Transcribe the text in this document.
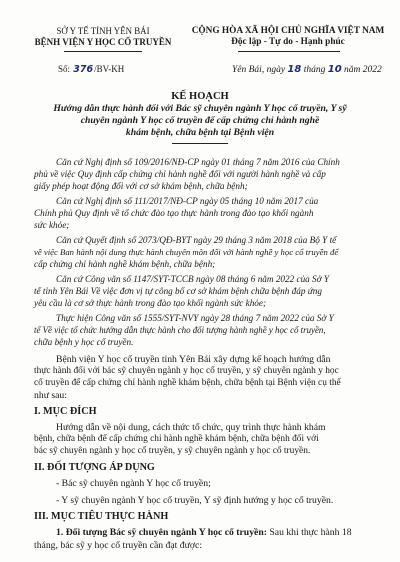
SỞ Y TẾ TỈNH YÊN BÁI
BỆNH VIỆN Y HỌC CỔ TRUYỀN
Số: 376/BV-KH
CỘNG HÒA XÃ HỘI CHỦ NGHĨA VIỆT NAM
Độc lập - Tự do - Hạnh phúc
Yên Bái, ngày 18 tháng 10 năm 2022
KẾ HOẠCH
Hướng dẫn thực hành đối với Bác sỹ chuyên ngành Y học cổ truyền, Y sỹ
chuyên ngành Y học cổ truyền để cấp chứng chỉ hành nghề
khám bệnh, chữa bệnh tại Bệnh viện
Căn cứ Nghị định số 109/2016/NĐ-CP ngày 01 tháng 7 năm 2016 của Chính
phủ về việc Quy định cấp chứng chỉ hành nghề đối với người hành nghề và cấp
giấy phép hoạt động đối với cơ sở khám bệnh, chữa bệnh;
Căn cứ Nghị định số 111/2017/NĐ-CP ngày 05 tháng 10 năm 2017 của
Chính phủ Quy định về tổ chức đào tạo thực hành trong đào tạo khối ngành
sức khỏe;
Căn cứ Quyết định số 2073/QĐ-BYT ngày 29 tháng 3 năm 2018 của Bộ Y tế
về việc Ban hành nội dung thực hành chuyên môn đối với hành nghề y học cổ truyền để
cấp chứng chỉ hành nghề khám bệnh, chữa bệnh;
Căn cứ Công văn số 1147/SYT-TCCB ngày 08 tháng 6 năm 2022 của Sở Y
tế tỉnh Yên Bái Về việc đơn vị tự công bố cơ sở khám bệnh chữa bệnh đáp ứng
yêu cầu là cơ sở thực hành trong đào tạo khối ngành sức khỏe;
Thực hiện Công văn số 1555/SYT-NVY ngày 28 tháng 7 năm 2022 của Sở Y
tế Về việc tổ chức hướng dẫn thực hành cho đối tượng hành nghề y học cổ truyền,
chữa bệnh y học cổ truyền.
Bệnh viện Y học cổ truyền tỉnh Yên Bái xây dựng kế hoạch hướng dẫn
thực hành đối với bác sỹ chuyên ngành y học cổ truyền, y sỹ chuyên ngành y học
cổ truyền để cấp chứng chỉ hành nghề khám bệnh, chữa bệnh tại Bệnh viện cụ thể
như sau:
I. MỤC ĐÍCH
Hướng dẫn về nội dung, cách thức tổ chức, quy trình thực hành khám
bệnh, chữa bệnh để cấp chứng chỉ hành nghề khám bệnh, chữa bệnh đối với
bác sỹ chuyên ngành y học cổ truyền, y sỹ chuyên ngành y học cổ truyền.
II. ĐỐI TƯỢNG ÁP DỤNG
- Bác sỹ chuyên ngành Y học cổ truyền;
- Y sỹ chuyên ngành Y học cổ truyền, Y sỹ định hướng y học cổ truyền.
III. MỤC TIÊU THỰC HÀNH
1. Đối tượng Bác sỹ chuyên ngành Y học cổ truyền: Sau khi thực hành 18
tháng, bác sỹ y học cổ truyền cần đạt được:
